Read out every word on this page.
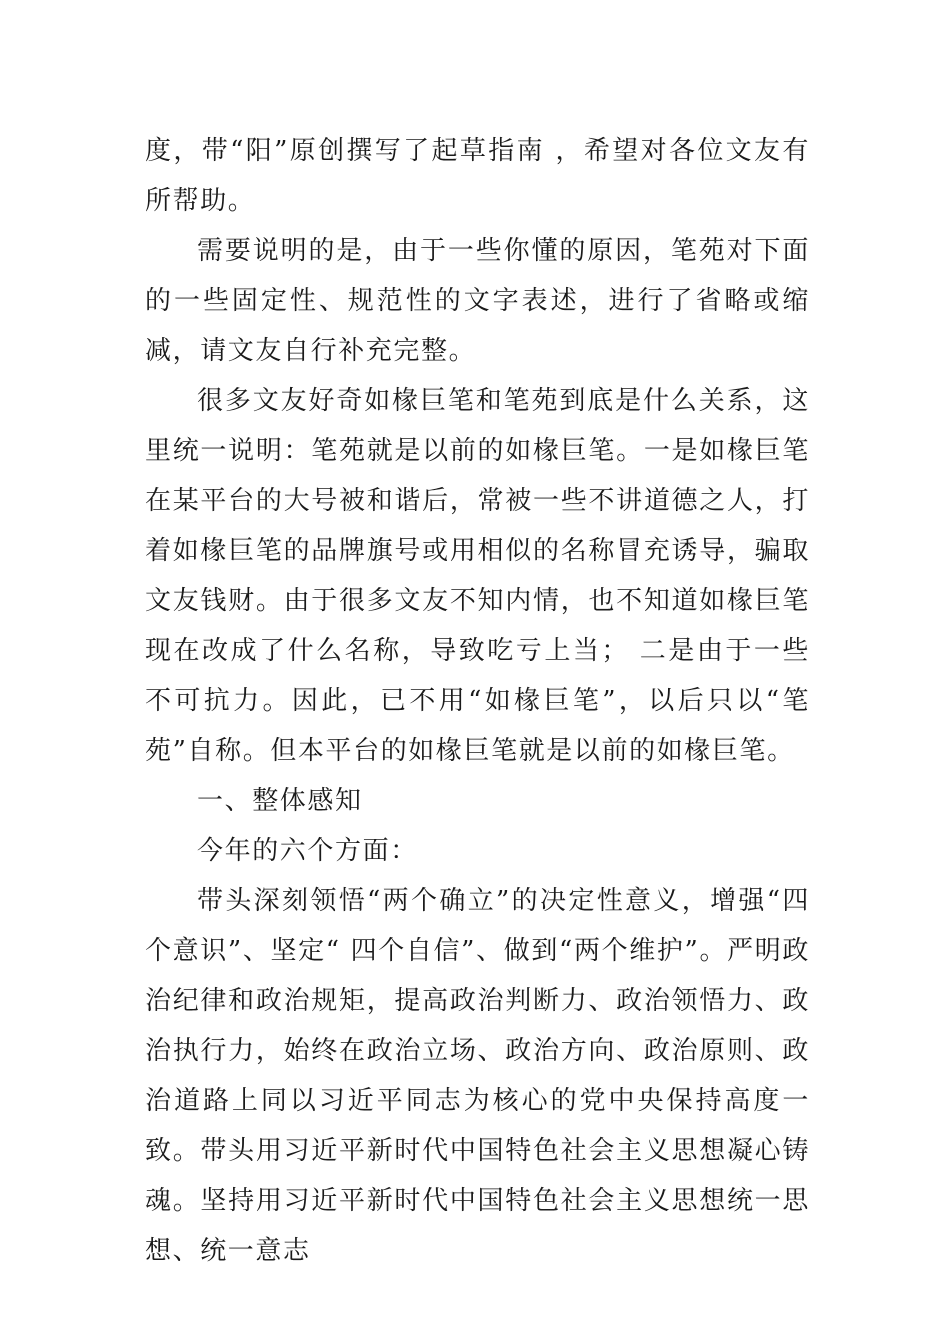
度，带“阳”原创撰写了起草指南 ，希望对各位文友有所帮助。

需要说明的是，由于一些你懂的原因，笔苑对下面的一些固定性、规范性的文字表述，进行了省略或缩减，请文友自行补充完整。

很多文友好奇如椽巨笔和笔苑到底是什么关系，这里统一说明：笔苑就是以前的如椽巨笔。一是如椽巨笔在某平台的大号被和谐后，常被一些不讲道德之人，打着如椽巨笔的品牌旗号或用相似的名称冒充诱导，骗取文友钱财。由于很多文友不知内情，也不知道如椽巨笔现在改成了什么名称，导致吃亏上当； 二是由于一些不可抗力。因此，已不用“如椽巨笔”，以后只以“笔苑”自称。但本平台的如椽巨笔就是以前的如椽巨笔。

一、整体感知

今年的六个方面：

带头深刻领悟“两个确立”的决定性意义，增强“四个意识”、坚定“ 四个自信”、做到“两个维护”。严明政治纪律和政治规矩，提高政治判断力、政治领悟力、政治执行力，始终在政治立场、政治方向、政治原则、政治道路上同以习近平同志为核心的党中央保持高度一致。带头用习近平新时代中国特色社会主义思想凝心铸魂。坚持用习近平新时代中国特色社会主义思想统一思想、统一意志
